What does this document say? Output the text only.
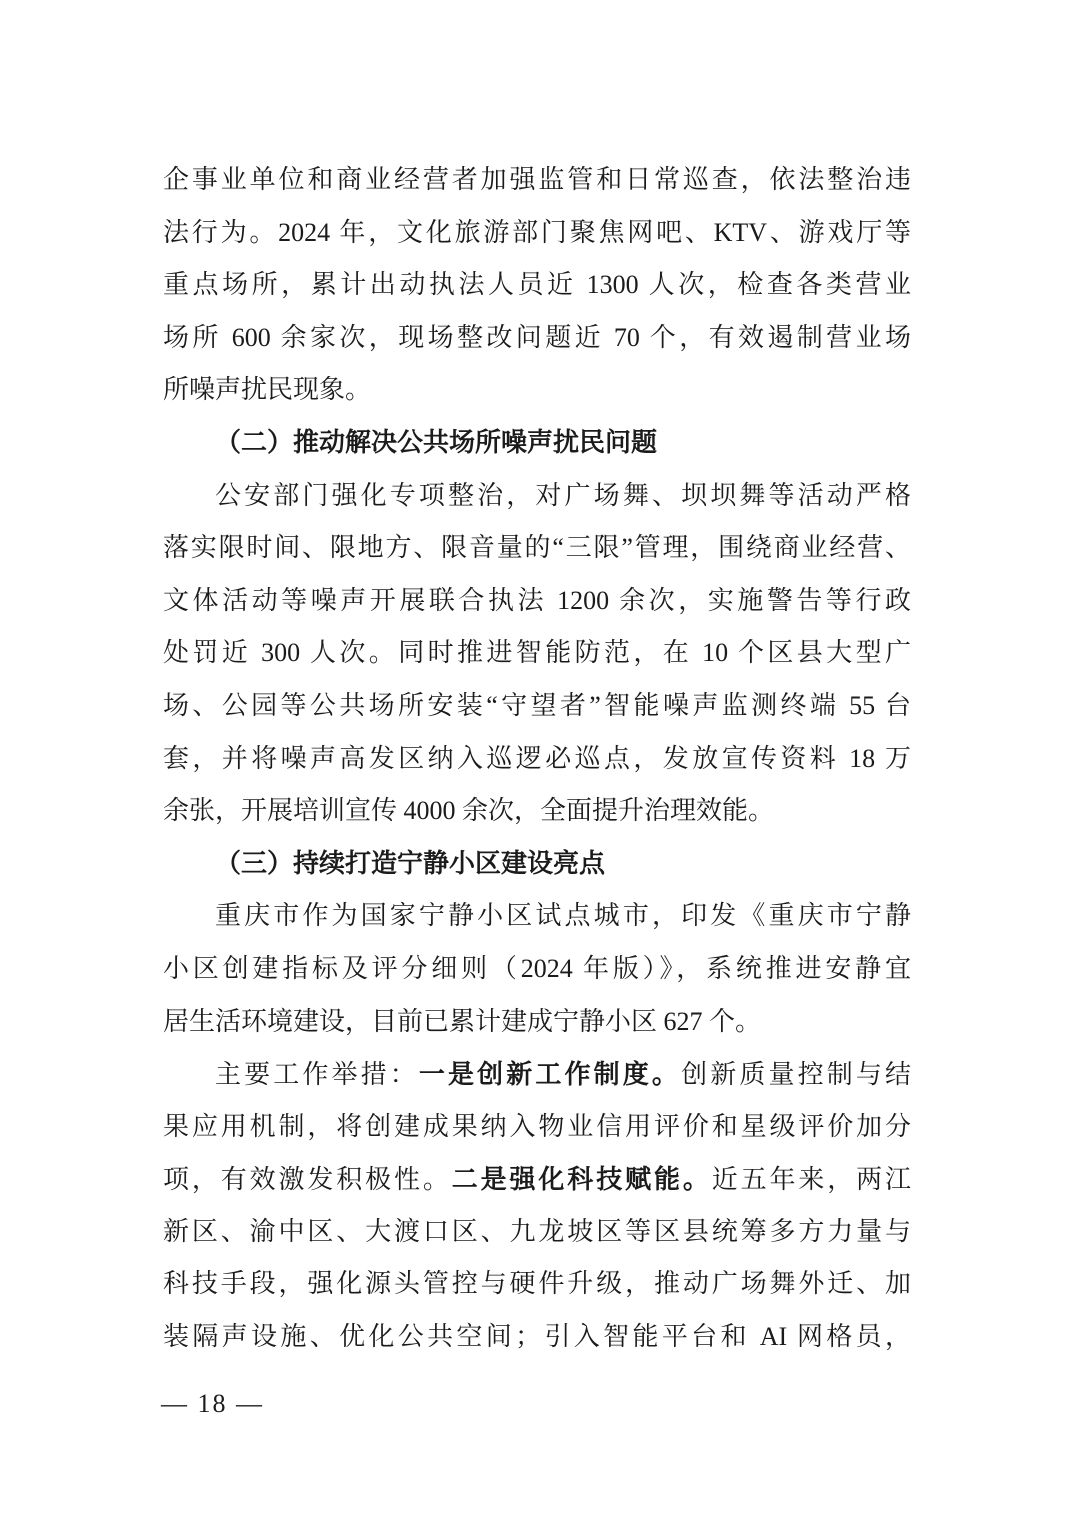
企事业单位和商业经营者加强监管和日常巡查，依法整治违
法行为。2024 年，文化旅游部门聚焦网吧、KTV、游戏厅等
重点场所，累计出动执法人员近 1300 人次，检查各类营业
场所 600 余家次，现场整改问题近 70 个，有效遏制营业场
所噪声扰民现象。
（二）推动解决公共场所噪声扰民问题
公安部门强化专项整治，对广场舞、坝坝舞等活动严格
落实限时间、限地方、限音量的“三限”管理，围绕商业经营、
文体活动等噪声开展联合执法 1200 余次，实施警告等行政
处罚近 300 人次。同时推进智能防范，在 10 个区县大型广
场、公园等公共场所安装“守望者”智能噪声监测终端 55 台
套，并将噪声高发区纳入巡逻必巡点，发放宣传资料 18 万
余张，开展培训宣传 4000 余次，全面提升治理效能。
（三）持续打造宁静小区建设亮点
重庆市作为国家宁静小区试点城市，印发《重庆市宁静
小区创建指标及评分细则（2024 年版）》，系统推进安静宜
居生活环境建设，目前已累计建成宁静小区 627 个。
主要工作举措：一是创新工作制度。创新质量控制与结
果应用机制，将创建成果纳入物业信用评价和星级评价加分
项，有效激发积极性。二是强化科技赋能。近五年来，两江
新区、渝中区、大渡口区、九龙坡区等区县统筹多方力量与
科技手段，强化源头管控与硬件升级，推动广场舞外迁、加
装隔声设施、优化公共空间；引入智能平台和 AI 网格员，
— 18 —
